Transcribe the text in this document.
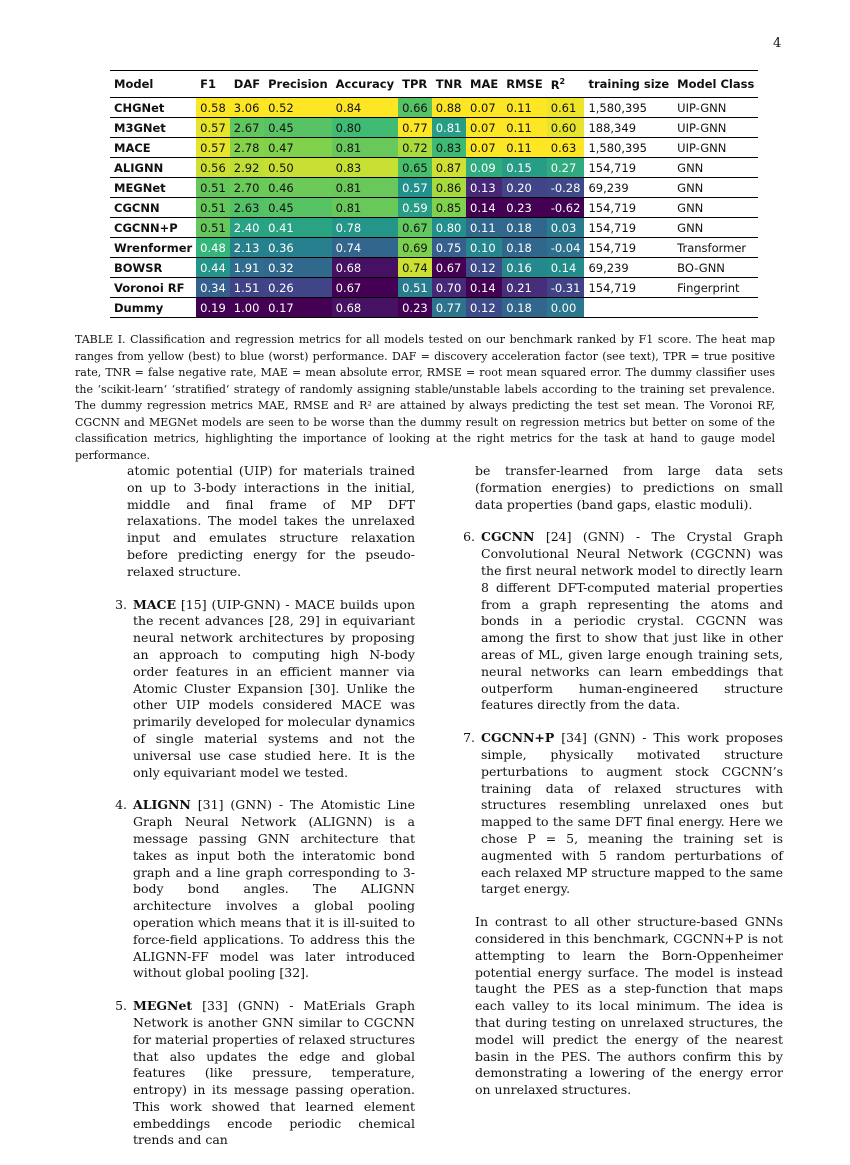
4
Model	F1	DAF	Precision	Accuracy	TPR	TNR	MAE	RMSE	$R^2$	training size	Model Class
CHGNet	0.58	3.06	0.52	0.84	0.66	0.88	0.07	0.11	0.61	1,580,395	UIP-GNN
M3GNet	0.57	2.67	0.45	0.80	0.77	0.81	0.07	0.11	0.60	188,349	UIP-GNN
MACE	0.57	2.78	0.47	0.81	0.72	0.83	0.07	0.11	0.63	1,580,395	UIP-GNN
ALIGNN	0.56	2.92	0.50	0.83	0.65	0.87	0.09	0.15	0.27	154,719	GNN
MEGNet	0.51	2.70	0.46	0.81	0.57	0.86	0.13	0.20	-0.28	69,239	GNN
CGCNN	0.51	2.63	0.45	0.81	0.59	0.85	0.14	0.23	-0.62	154,719	GNN
CGCNN+P	0.51	2.40	0.41	0.78	0.67	0.80	0.11	0.18	0.03	154,719	GNN
Wrenformer	0.48	2.13	0.36	0.74	0.69	0.75	0.10	0.18	-0.04	154,719	Transformer
BOWSR	0.44	1.91	0.32	0.68	0.74	0.67	0.12	0.16	0.14	69,239	BO-GNN
Voronoi RF	0.34	1.51	0.26	0.67	0.51	0.70	0.14	0.21	-0.31	154,719	Fingerprint
Dummy	0.19	1.00	0.17	0.68	0.23	0.77	0.12	0.18	0.00		
TABLE I. Classification and regression metrics for all models tested on our benchmark ranked by F1 score. The heat map ranges from yellow (best) to blue (worst) performance. DAF = discovery acceleration factor (see text), TPR = true positive rate, TNR = false negative rate, MAE = mean absolute error, RMSE = root mean squared error. The dummy classifier uses the ‘scikit-learn‘ ‘stratified‘ strategy of randomly assigning stable/unstable labels according to the training set prevalence. The dummy regression metrics MAE, RMSE and R² are attained by always predicting the test set mean. The Voronoi RF, CGCNN and MEGNet models are seen to be worse than the dummy result on regression metrics but better on some of the classification metrics, highlighting the importance of looking at the right metrics for the task at hand to gauge model performance.
atomic potential (UIP) for materials trained on up to 3-body interactions in the initial, middle and final frame of MP DFT relaxations. The model takes the unrelaxed input and emulates structure relaxation before predicting energy for the pseudo-relaxed structure.
3. MACE [15] (UIP-GNN) - MACE builds upon the recent advances [28, 29] in equivariant neural network architectures by proposing an approach to computing high N-body order features in an efficient manner via Atomic Cluster Expansion [30]. Unlike the other UIP models considered MACE was primarily developed for molecular dynamics of single material systems and not the universal use case studied here. It is the only equivariant model we tested.
4. ALIGNN [31] (GNN) - The Atomistic Line Graph Neural Network (ALIGNN) is a message passing GNN architecture that takes as input both the interatomic bond graph and a line graph corresponding to 3-body bond angles. The ALIGNN architecture involves a global pooling operation which means that it is ill-suited to force-field applications. To address this the ALIGNN-FF model was later introduced without global pooling [32].
5. MEGNet [33] (GNN) - MatErials Graph Network is another GNN similar to CGCNN for material properties of relaxed structures that also updates the edge and global features (like pressure, temperature, entropy) in its message passing operation. This work showed that learned element embeddings encode periodic chemical trends and can
be transfer-learned from large data sets (formation energies) to predictions on small data properties (band gaps, elastic moduli).
6. CGCNN [24] (GNN) - The Crystal Graph Convolutional Neural Network (CGCNN) was the first neural network model to directly learn 8 different DFT-computed material properties from a graph representing the atoms and bonds in a periodic crystal. CGCNN was among the first to show that just like in other areas of ML, given large enough training sets, neural networks can learn embeddings that outperform human-engineered structure features directly from the data.
7. CGCNN+P [34] (GNN) - This work proposes simple, physically motivated structure perturbations to augment stock CGCNN’s training data of relaxed structures with structures resembling unrelaxed ones but mapped to the same DFT final energy. Here we chose P = 5, meaning the training set is augmented with 5 random perturbations of each relaxed MP structure mapped to the same target energy.
In contrast to all other structure-based GNNs considered in this benchmark, CGCNN+P is not attempting to learn the Born-Oppenheimer potential energy surface. The model is instead taught the PES as a step-function that maps each valley to its local minimum. The idea is that during testing on unrelaxed structures, the model will predict the energy of the nearest basin in the PES. The authors confirm this by demonstrating a lowering of the energy error on unrelaxed structures.
